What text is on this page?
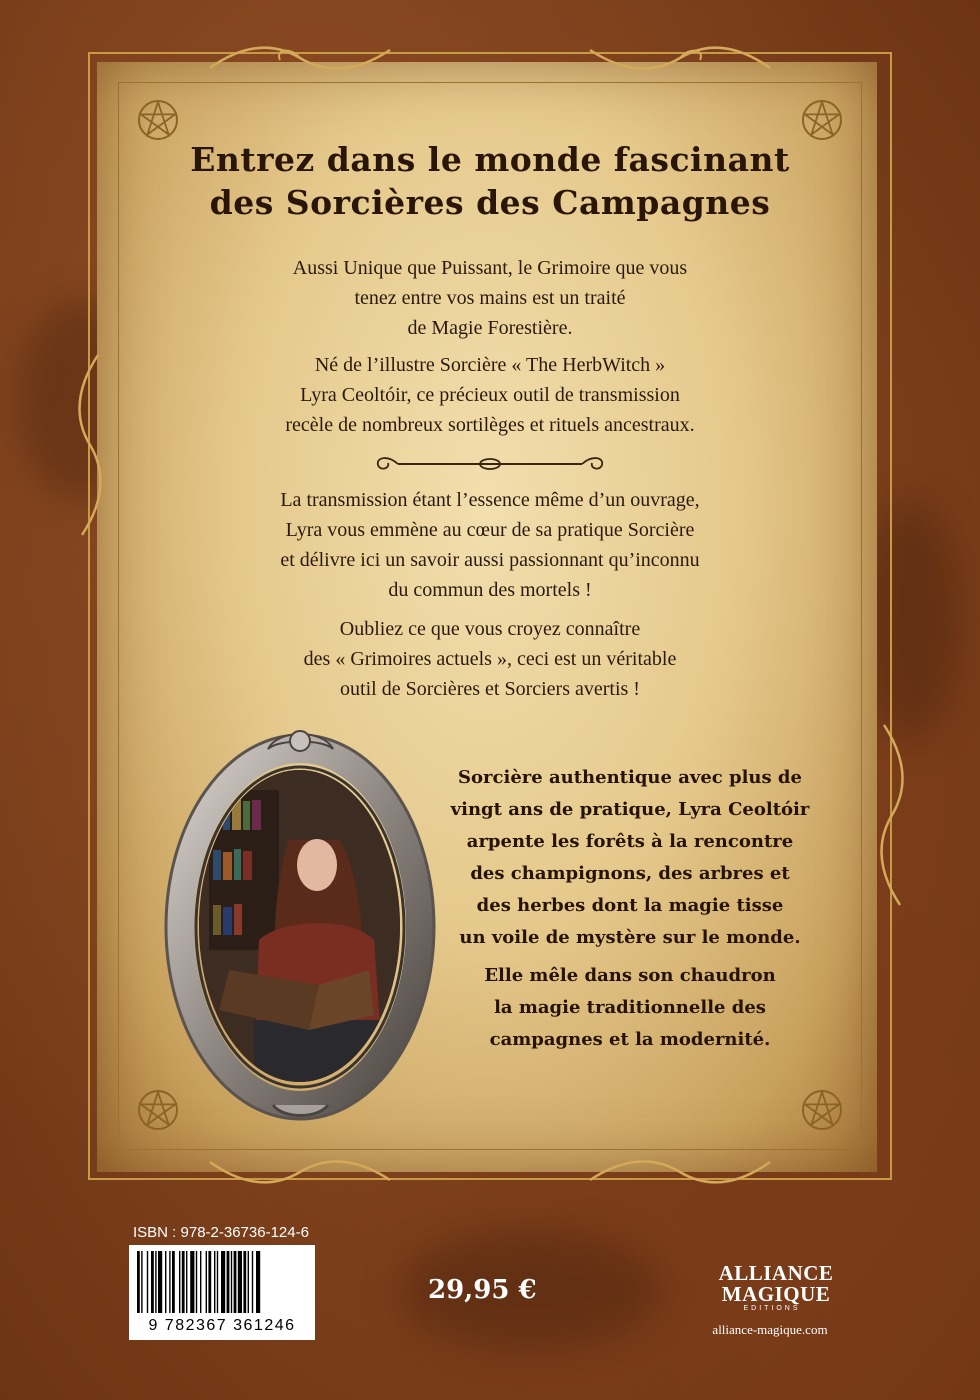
Entrez dans le monde fascinant
des Sorcières des Campagnes
Aussi Unique que Puissant, le Grimoire que vous
tenez entre vos mains est un traité
de Magie Forestière.
Né de l’illustre Sorcière « The HerbWitch »
Lyra Ceoltóir, ce précieux outil de transmission
recèle de nombreux sortilèges et rituels ancestraux.
La transmission étant l’essence même d’un ouvrage,
Lyra vous emmène au cœur de sa pratique Sorcière
et délivre ici un savoir aussi passionnant qu’inconnu
du commun des mortels !
Oubliez ce que vous croyez connaître
des « Grimoires actuels », ceci est un véritable
outil de Sorcières et Sorciers avertis !
Sorcière authentique avec plus de
vingt ans de pratique, Lyra Ceoltóir
arpente les forêts à la rencontre
des champignons, des arbres et
des herbes dont la magie tisse
un voile de mystère sur le monde.
Elle mêle dans son chaudron
la magie traditionnelle des
campagnes et la modernité.
ISBN : 978-2-36736-124-6
9 782367 361246
29,95 €
ALLIANCE
MAGIQUE
EDITIONS
alliance-magique.com
